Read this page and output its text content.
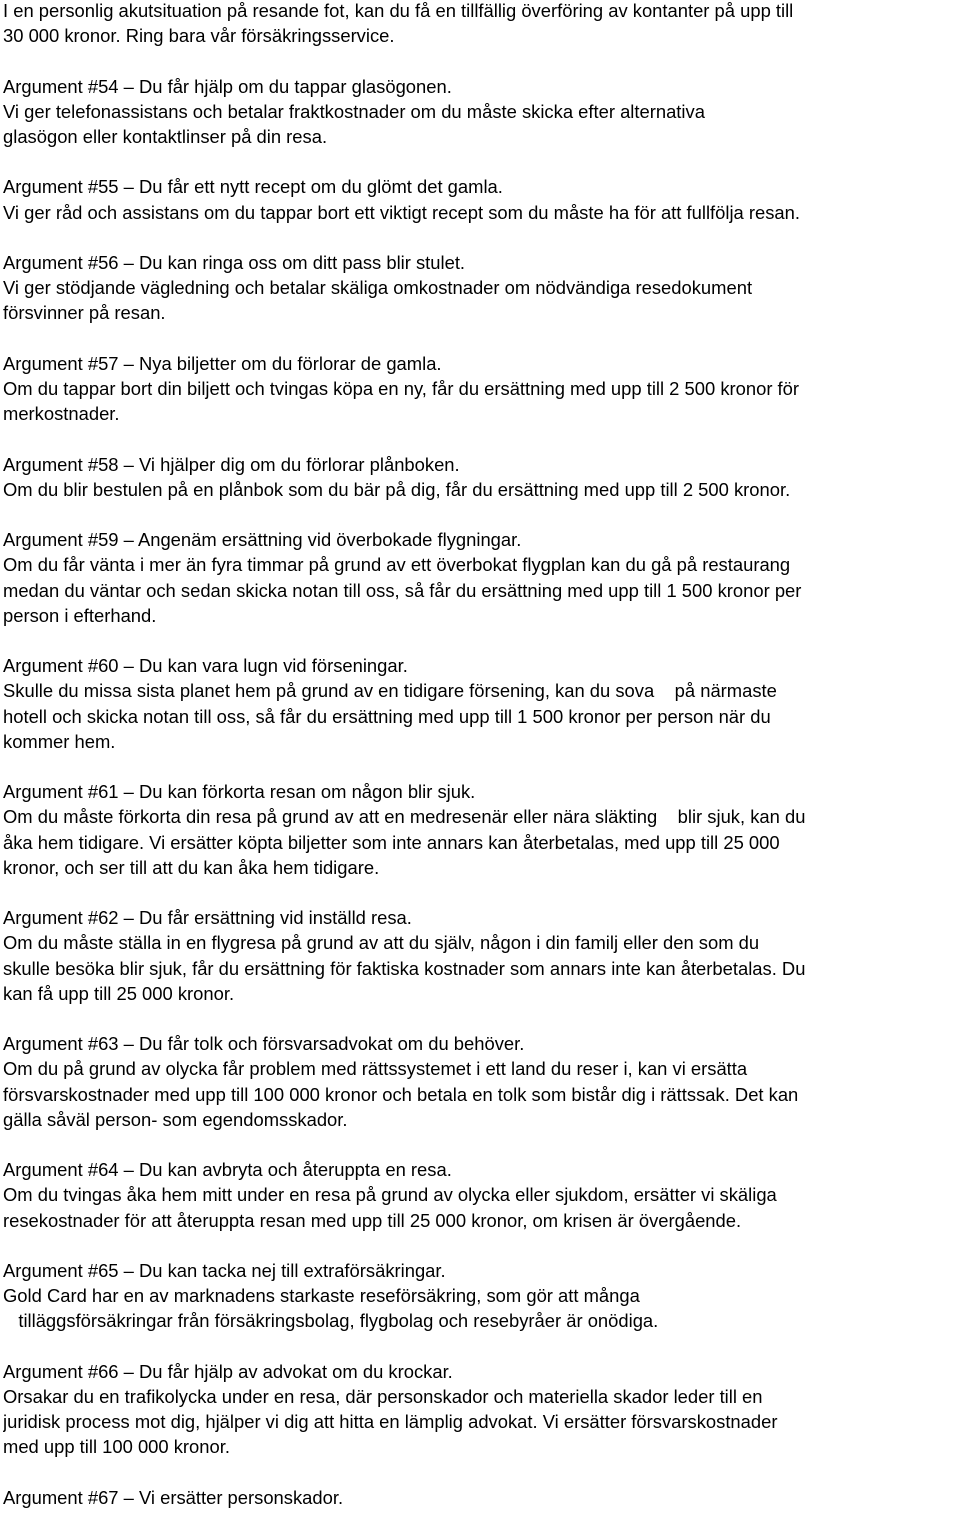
I en personlig akutsituation på resande fot, kan du få en tillfällig överföring av kontanter på upp till
30 000 kronor. Ring bara vår försäkringsservice.
Argument #54 – Du får hjälp om du tappar glasögonen.
Vi ger telefonassistans och betalar fraktkostnader om du måste skicka efter alternativa
glasögon eller kontaktlinser på din resa.
Argument #55 – Du får ett nytt recept om du glömt det gamla.
Vi ger råd och assistans om du tappar bort ett viktigt recept som du måste ha för att fullfölja resan.
Argument #56 – Du kan ringa oss om ditt pass blir stulet.
Vi ger stödjande vägledning och betalar skäliga omkostnader om nödvändiga resedokument
försvinner på resan.
Argument #57 – Nya biljetter om du förlorar de gamla.
Om du tappar bort din biljett och tvingas köpa en ny, får du ersättning med upp till 2 500 kronor för
merkostnader.
Argument #58 – Vi hjälper dig om du förlorar plånboken.
Om du blir bestulen på en plånbok som du bär på dig, får du ersättning med upp till 2 500 kronor.
Argument #59 – Angenäm ersättning vid överbokade flygningar.
Om du får vänta i mer än fyra timmar på grund av ett överbokat flygplan kan du gå på restaurang
medan du väntar och sedan skicka notan till oss, så får du ersättning med upp till 1 500 kronor per
person i efterhand.
Argument #60 – Du kan vara lugn vid förseningar.
Skulle du missa sista planet hem på grund av en tidigare försening, kan du sova    på närmaste
hotell och skicka notan till oss, så får du ersättning med upp till 1 500 kronor per person när du
kommer hem.
Argument #61 – Du kan förkorta resan om någon blir sjuk.
Om du måste förkorta din resa på grund av att en medresenär eller nära släkting    blir sjuk, kan du
åka hem tidigare. Vi ersätter köpta biljetter som inte annars kan återbetalas, med upp till 25 000
kronor, och ser till att du kan åka hem tidigare.
Argument #62 – Du får ersättning vid inställd resa.
Om du måste ställa in en flygresa på grund av att du själv, någon i din familj eller den som du
skulle besöka blir sjuk, får du ersättning för faktiska kostnader som annars inte kan återbetalas. Du
kan få upp till 25 000 kronor.
Argument #63 – Du får tolk och försvarsadvokat om du behöver.
Om du på grund av olycka får problem med rättssystemet i ett land du reser i, kan vi ersätta
försvarskostnader med upp till 100 000 kronor och betala en tolk som bistår dig i rättssak. Det kan
gälla såväl person- som egendomsskador.
Argument #64 – Du kan avbryta och återuppta en resa.
Om du tvingas åka hem mitt under en resa på grund av olycka eller sjukdom, ersätter vi skäliga
resekostnader för att återuppta resan med upp till 25 000 kronor, om krisen är övergående.
Argument #65 – Du kan tacka nej till extraförsäkringar.
Gold Card har en av marknadens starkaste reseförsäkring, som gör att många
tilläggsförsäkringar från försäkringsbolag, flygbolag och resebyråer är onödiga.
Argument #66 – Du får hjälp av advokat om du krockar.
Orsakar du en trafikolycka under en resa, där personskador och materiella skador leder till en
juridisk process mot dig, hjälper vi dig att hitta en lämplig advokat. Vi ersätter försvarskostnader
med upp till 100 000 kronor.
Argument #67 – Vi ersätter personskador.
